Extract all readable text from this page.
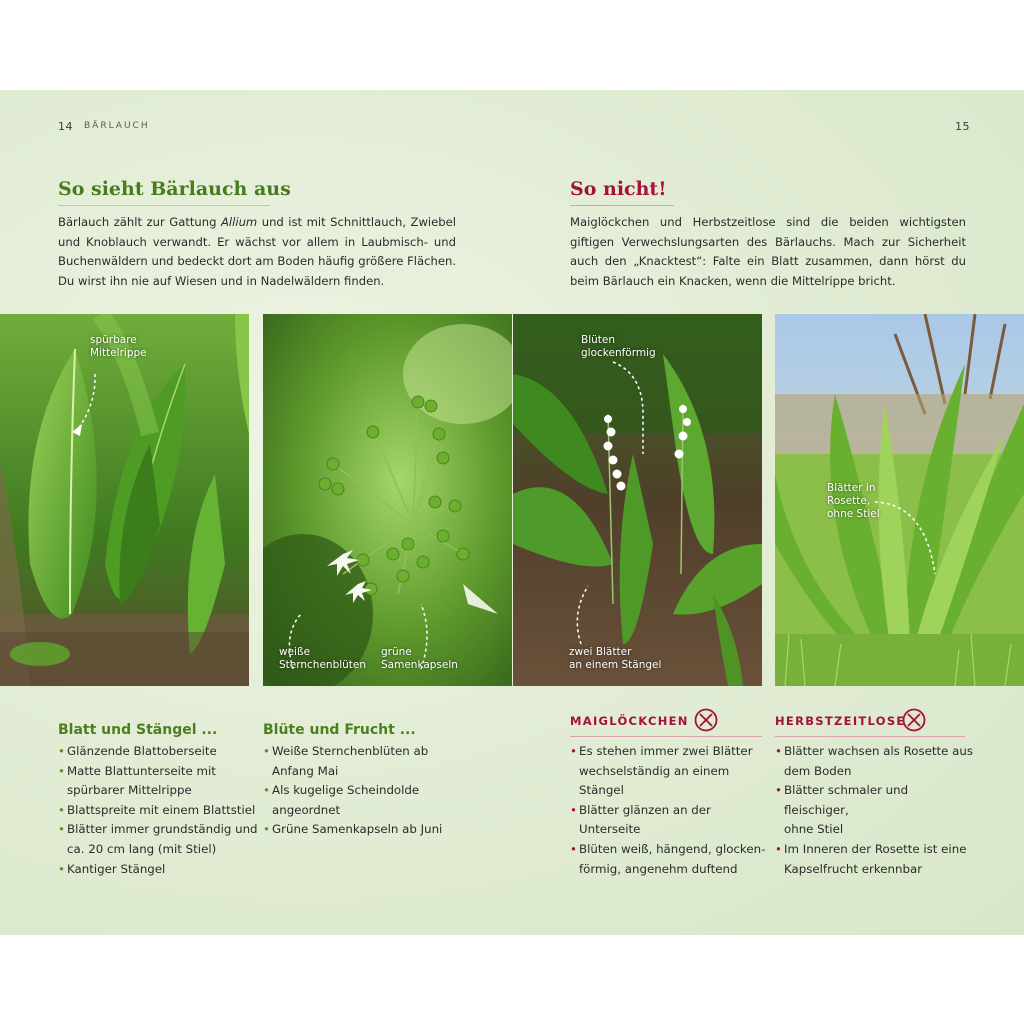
14 BÄRLAUCH	15
So sieht Bärlauch aus	So nicht!

Bärlauch zählt zur Gattung Allium und ist mit Schnittlauch, Zwiebel und Knoblauch verwandt. Er wächst vor allem in Laubmisch- und Buchenwäldern und bedeckt dort am Boden häufig größere Flächen. Du wirst ihn nie auf Wiesen und in Nadelwäldern finden.

Maiglöckchen und Herbstzeitlose sind die beiden wichtigsten giftigen Verwechslungsarten des Bärlauchs. Mach zur Sicherheit auch den „Knacktest“: Falte ein Blatt zusammen, dann hörst du beim Bärlauch ein Knacken, wenn die Mittelrippe bricht.

spürbare
Mittelrippe
weiße
Sternchenblüten
grüne
Samenkapseln
Blüten
glockenförmig
zwei Blätter
an einem Stängel
Blätter in
Rosette,
ohne Stiel
Blatt und Stängel ...
• Glänzende Blattoberseite
• Matte Blattunterseite mit
spürbarer Mittelrippe
• Blattspreite mit einem Blattstiel
• Blätter immer grundständig und
ca. 20 cm lang (mit Stiel)
• Kantiger Stängel
Blüte und Frucht ...
• Weiße Sternchenblüten ab
Anfang Mai
• Als kugelige Scheindolde
angeordnet
• Grüne Samenkapseln ab Juni
MAIGLÖCKCHEN
• Es stehen immer zwei Blätter
wechselständig an einem Stängel
• Blätter glänzen an der Unterseite
• Blüten weiß, hängend, glocken-
förmig, angenehm duftend
HERBSTZEITLOSE
• Blätter wachsen als Rosette aus
dem Boden
• Blätter schmaler und fleischiger,
ohne Stiel
• Im Inneren der Rosette ist eine
Kapselfrucht erkennbar
